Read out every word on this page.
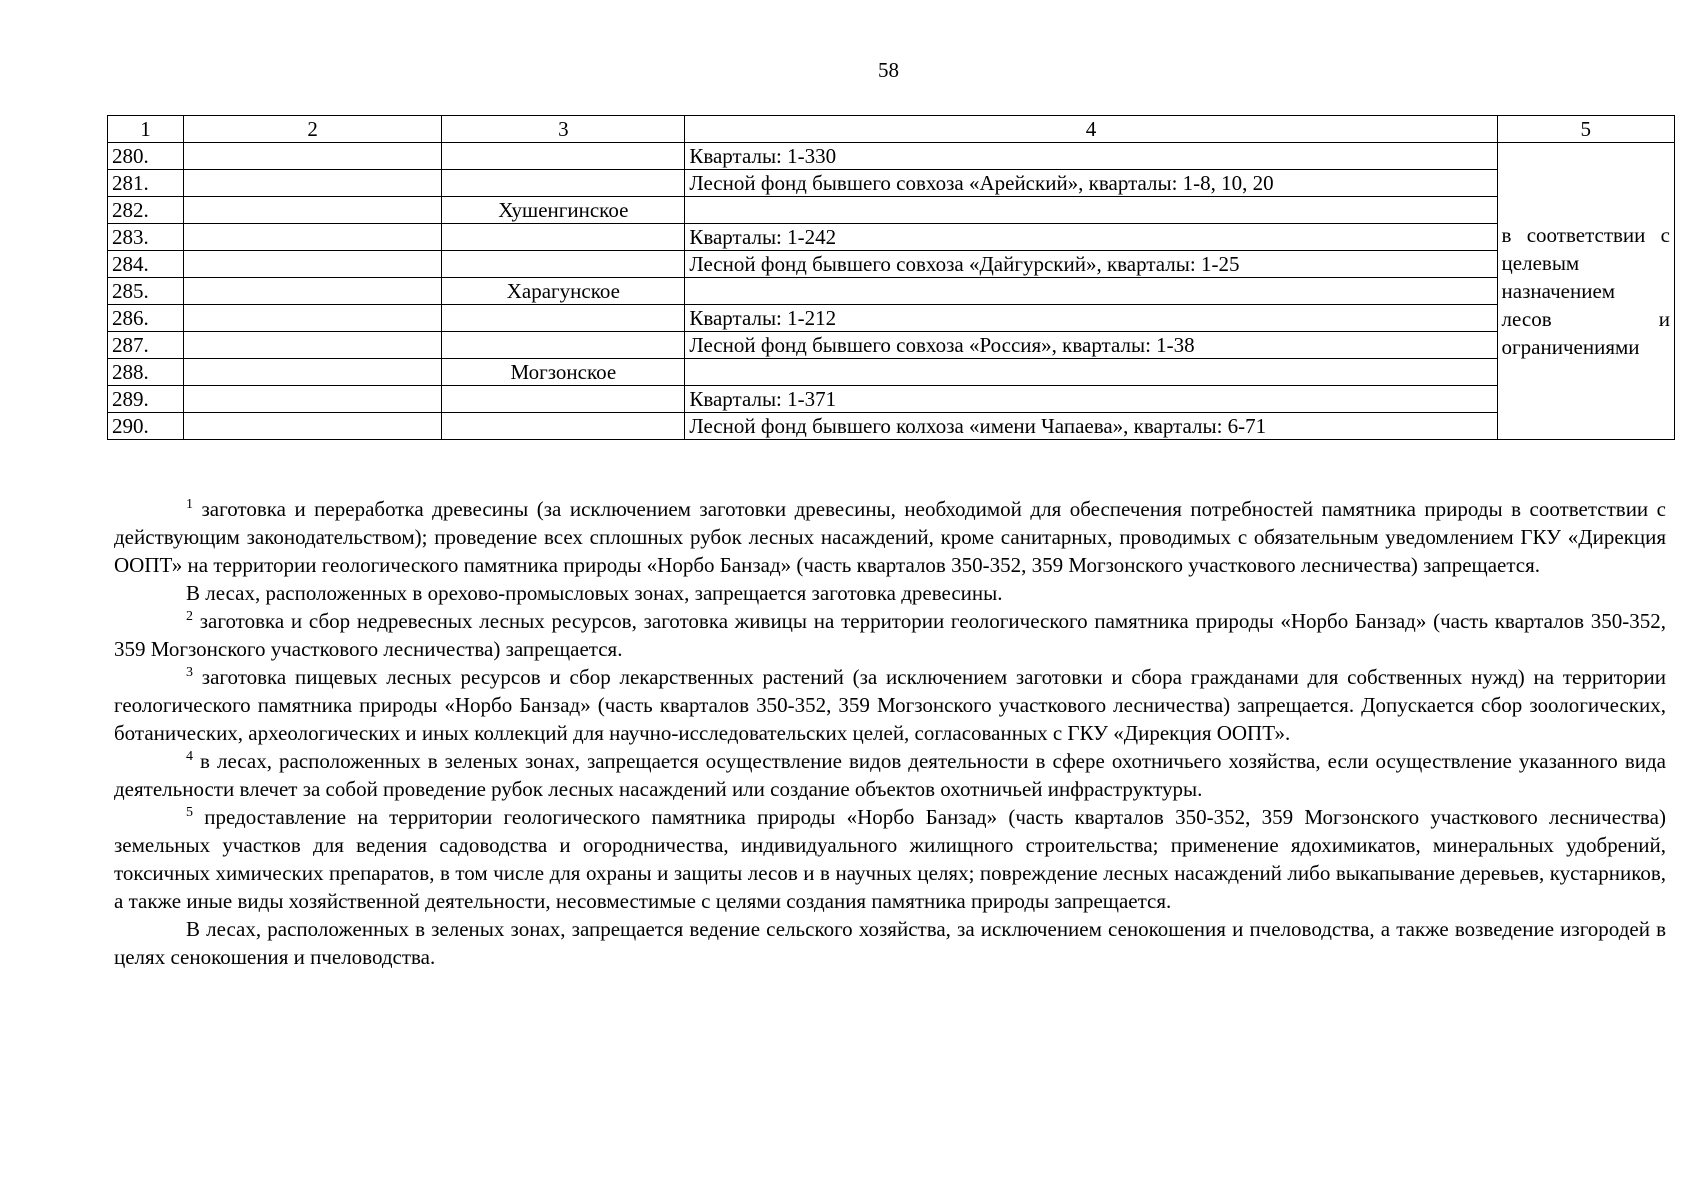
58
1	2	3	4	5
280.			Кварталы: 1-330	в соответствии с
целевым
назначением
лесов и
ограничениями

281.			Лесной фонд бывшего совхоза «Арейский», кварталы: 1-8, 10, 20	
282.		Хушенгинское		
283.			Кварталы: 1-242	
284.			Лесной фонд бывшего совхоза «Дайгурский», кварталы: 1-25	
285.		Харагунское		
286.			Кварталы: 1-212	
287.			Лесной фонд бывшего совхоза «Россия», кварталы: 1-38	
288.		Могзонское		
289.			Кварталы: 1-371	
290.			Лесной фонд бывшего колхоза «имени Чапаева», кварталы: 6-71	

$^1$ заготовка и переработка древесины (за исключением заготовки древесины, необходимой для обеспечения потребностей памятника природы в соответствии с действующим законодательством); проведение всех сплошных рубок лесных насаждений, кроме санитарных, проводимых с обязательным уведомлением ГКУ «Дирекция ООПТ» на территории геологического памятника природы «Норбо Банзад» (часть кварталов 350-352, 359 Могзонского участкового лесничества) запрещается.

В лесах, расположенных в орехово-промысловых зонах, запрещается заготовка древесины.

$^2$ заготовка и сбор недревесных лесных ресурсов, заготовка живицы на территории геологического памятника природы «Норбо Банзад» (часть кварталов 350-352, 359 Могзонского участкового лесничества) запрещается.

$^3$ заготовка пищевых лесных ресурсов и сбор лекарственных растений (за исключением заготовки и сбора гражданами для собственных нужд) на территории геологического памятника природы «Норбо Банзад» (часть кварталов 350-352, 359 Могзонского участкового лесничества) запрещается. Допускается сбор зоологических, ботанических, археологических и иных коллекций для научно-исследовательских целей, согласованных с ГКУ «Дирекция ООПТ».

$^4$ в лесах, расположенных в зеленых зонах, запрещается осуществление видов деятельности в сфере охотничьего хозяйства, если осуществление указанного вида деятельности влечет за собой проведение рубок лесных насаждений или создание объектов охотничьей инфраструктуры.

$^5$ предоставление на территории геологического памятника природы «Норбо Банзад» (часть кварталов 350-352, 359 Могзонского участкового лесничества) земельных участков для ведения садоводства и огородничества, индивидуального жилищного строительства; применение ядохимикатов, минеральных удобрений, токсичных химических препаратов, в том числе для охраны и защиты лесов и в научных целях; повреждение лесных насаждений либо выкапывание деревьев, кустарников, а также иные виды хозяйственной деятельности, несовместимые с целями создания памятника природы запрещается.

В лесах, расположенных в зеленых зонах, запрещается ведение сельского хозяйства, за исключением сенокошения и пчеловодства, а также возведение изгородей в целях сенокошения и пчеловодства.
